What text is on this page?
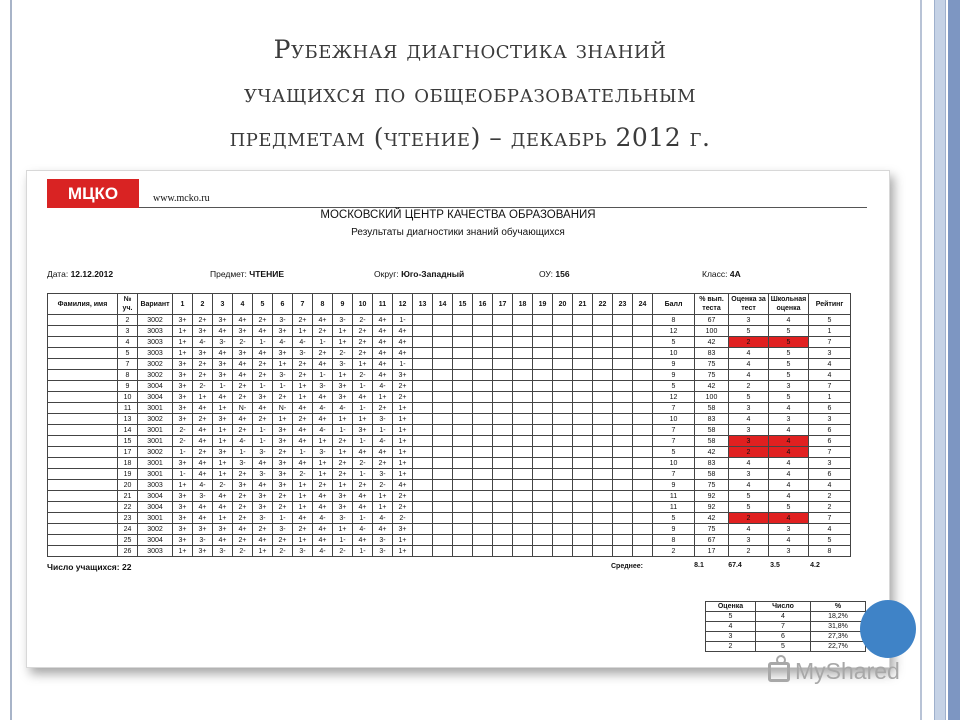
Рубежная диагностика знаний
учащихся по общеобразовательным
предметам (чтение) – декабрь 2012 г.
МЦКО	www.mcko.ru
МОСКОВСКИЙ ЦЕНТР КАЧЕСТВА ОБРАЗОВАНИЯ
Результаты диагностики знаний обучающихся
Дата: 12.12.2012	Предмет: ЧТЕНИЕ	Округ: Юго-Западный	ОУ: 156	Класс: 4А
Фамилия, имя	№ уч.	Вариант	1	2	3	4	5	6	7	8	9	10	11	12	13	14	15	16	17	18	19	20	21	22	23	24	Балл	% вып. теста	Оценка за тест	Школьная оценка	Рейтинг
	2	3002	3+	2+	3+	4+	2+	3-	2+	4+	3-	2-	4+	1-													8	67	3	4	5
	3	3003	1+	3+	4+	3+	4+	3+	1+	2+	1+	2+	4+	4+													12	100	5	5	1
	4	3003	1+	4-	3-	2-	1-	4-	4-	1-	1+	2+	4+	4+													5	42	2	5	7
	5	3003	1+	3+	4+	3+	4+	3+	3-	2+	2-	2+	4+	4+													10	83	4	5	3
	7	3002	3+	2+	3+	4+	2+	1+	2+	4+	3-	1+	4+	1-													9	75	4	5	4
	8	3002	3+	2+	3+	4+	2+	3-	2+	1-	1+	2-	4+	3+													9	75	4	5	4
	9	3004	3+	2-	1-	2+	1-	1-	1+	3-	3+	1-	4-	2+													5	42	2	3	7
	10	3004	3+	1+	4+	2+	3+	2+	1+	4+	3+	4+	1+	2+													12	100	5	5	1
	11	3001	3+	4+	1+	N-	4+	N-	4+	4-	4-	1-	2+	1+													7	58	3	4	6
	13	3002	3+	2+	3+	4+	2+	1+	2+	4+	1+	1+	3-	1+													10	83	4	3	3
	14	3001	2-	4+	1+	2+	1-	3+	4+	4-	1-	3+	1-	1+													7	58	3	4	6
	15	3001	2-	4+	1+	4-	1-	3+	4+	1+	2+	1-	4-	1+													7	58	3	4	6
	17	3002	1-	2+	3+	1-	3-	2+	1-	3-	1+	4+	4+	1+													5	42	2	4	7
	18	3001	3+	4+	1+	3-	4+	3+	4+	1+	2+	2-	2+	1+													10	83	4	4	3
	19	3001	1-	4+	1+	2+	3-	3+	2-	1+	2+	1-	3-	1+													7	58	3	4	6
	20	3003	1+	4-	2-	3+	4+	3+	1+	2+	1+	2+	2-	4+													9	75	4	4	4
	21	3004	3+	3-	4+	2+	3+	2+	1+	4+	3+	4+	1+	2+													11	92	5	4	2
	22	3004	3+	4+	4+	2+	3+	2+	1+	4+	3+	4+	1+	2+													11	92	5	5	2
	23	3001	3+	4+	1+	2+	3-	1-	4+	4-	3-	1-	4-	2-													5	42	2	4	7
	24	3002	3+	3+	3+	4+	2+	3-	2+	4+	1+	4-	4+	3+													9	75	4	3	4
	25	3004	3+	3-	4+	2+	4+	2+	1+	4+	1-	4+	3-	1+													8	67	3	4	5
	26	3003	1+	3+	3-	2-	1+	2-	3-	4-	2-	1-	3-	1+													2	17	2	3	8
Число учащихся: 22	Среднее:	8.1	67.4	3.5	4.2
Оценка	Число	%
5	4	18,2%
4	7	31,8%
3	6	27,3%
2	5	22,7%
MyShared
